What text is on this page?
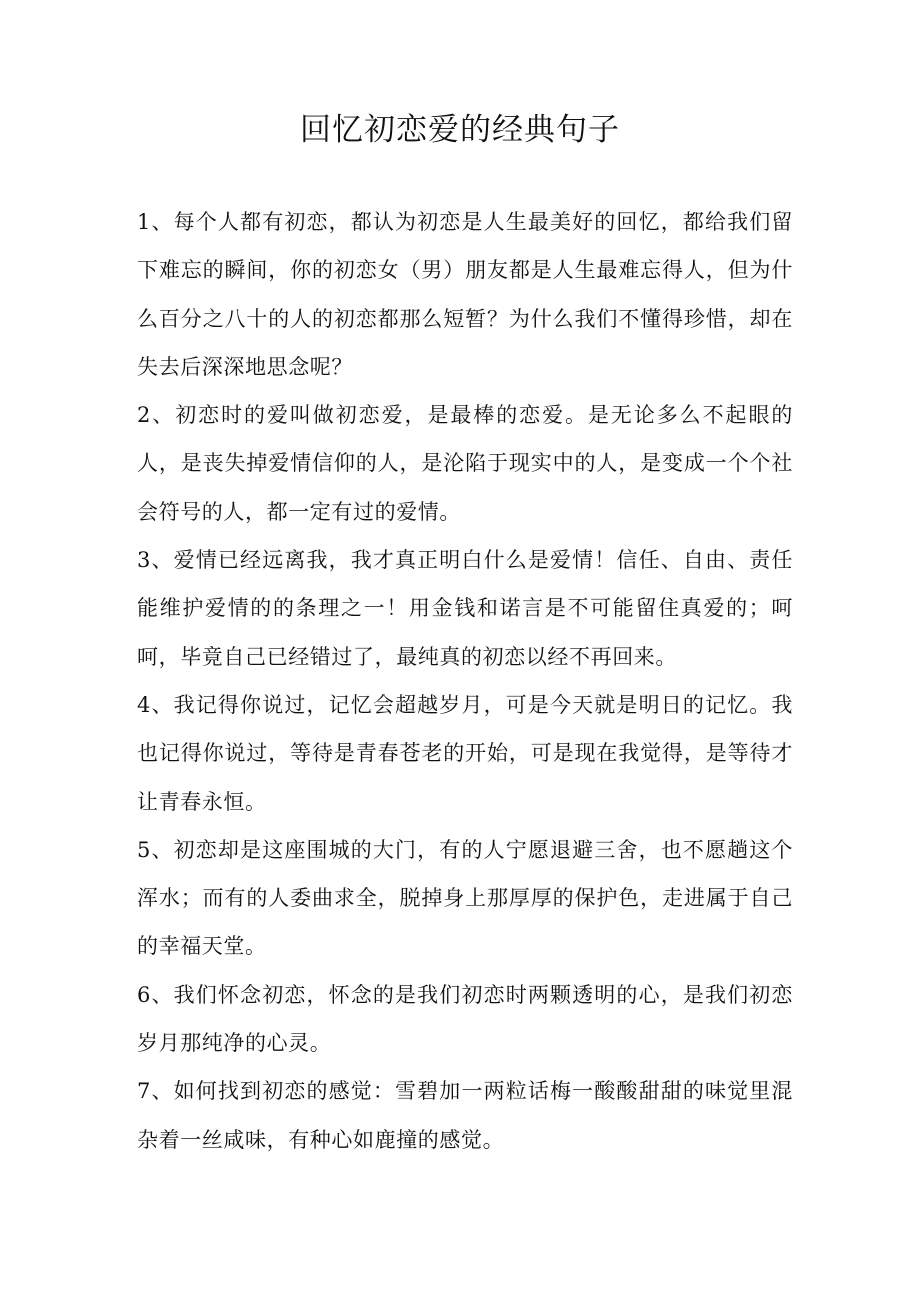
回忆初恋爱的经典句子

1、每个人都有初恋，都认为初恋是人生最美好的回忆，都给我们留下难忘的瞬间，你的初恋女（男）朋友都是人生最难忘得人，但为什么百分之八十的人的初恋都那么短暂？为什么我们不懂得珍惜，却在失去后深深地思念呢？

2、初恋时的爱叫做初恋爱，是最棒的恋爱。是无论多么不起眼的人，是丧失掉爱情信仰的人，是沦陷于现实中的人，是变成一个个社会符号的人，都一定有过的爱情。

3、爱情已经远离我，我才真正明白什么是爱情！信任、自由、责任能维护爱情的的条理之一！用金钱和诺言是不可能留住真爱的；呵呵，毕竟自己已经错过了，最纯真的初恋以经不再回来。

4、我记得你说过，记忆会超越岁月，可是今天就是明日的记忆。我也记得你说过，等待是青春苍老的开始，可是现在我觉得，是等待才让青春永恒。

5、初恋却是这座围城的大门，有的人宁愿退避三舍，也不愿趟这个浑水；而有的人委曲求全，脱掉身上那厚厚的保护色，走进属于自己的幸福天堂。

6、我们怀念初恋，怀念的是我们初恋时两颗透明的心，是我们初恋岁月那纯净的心灵。

7、如何找到初恋的感觉：雪碧加一两粒话梅一酸酸甜甜的味觉里混杂着一丝咸味，有种心如鹿撞的感觉。
